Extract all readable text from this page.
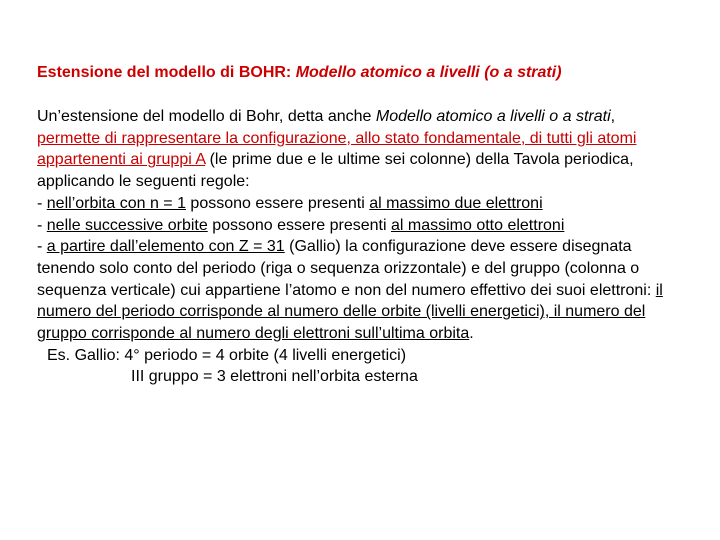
Estensione del modello di BOHR: Modello atomico a livelli (o a strati)
Un’estensione del modello di Bohr, detta anche Modello atomico a livelli o a strati, permette di rappresentare la configurazione, allo stato fondamentale, di tutti gli atomi appartenenti ai gruppi A (le prime due e le ultime sei colonne) della Tavola periodica, applicando le seguenti regole:
- nell’orbita con n = 1 possono essere presenti al massimo due elettroni
- nelle successive orbite possono essere presenti al massimo otto elettroni
- a partire dall’elemento con Z = 31 (Gallio) la configurazione deve essere disegnata tenendo solo conto del periodo (riga o sequenza orizzontale) e del gruppo (colonna o sequenza verticale) cui appartiene l’atomo e non del numero effettivo dei suoi elettroni: il numero del periodo corrisponde al numero delle orbite (livelli energetici), il numero del gruppo corrisponde al numero degli elettroni sull’ultima orbita.
Es. Gallio: 4° periodo = 4 orbite (4 livelli energetici)
III gruppo = 3 elettroni nell’orbita esterna
